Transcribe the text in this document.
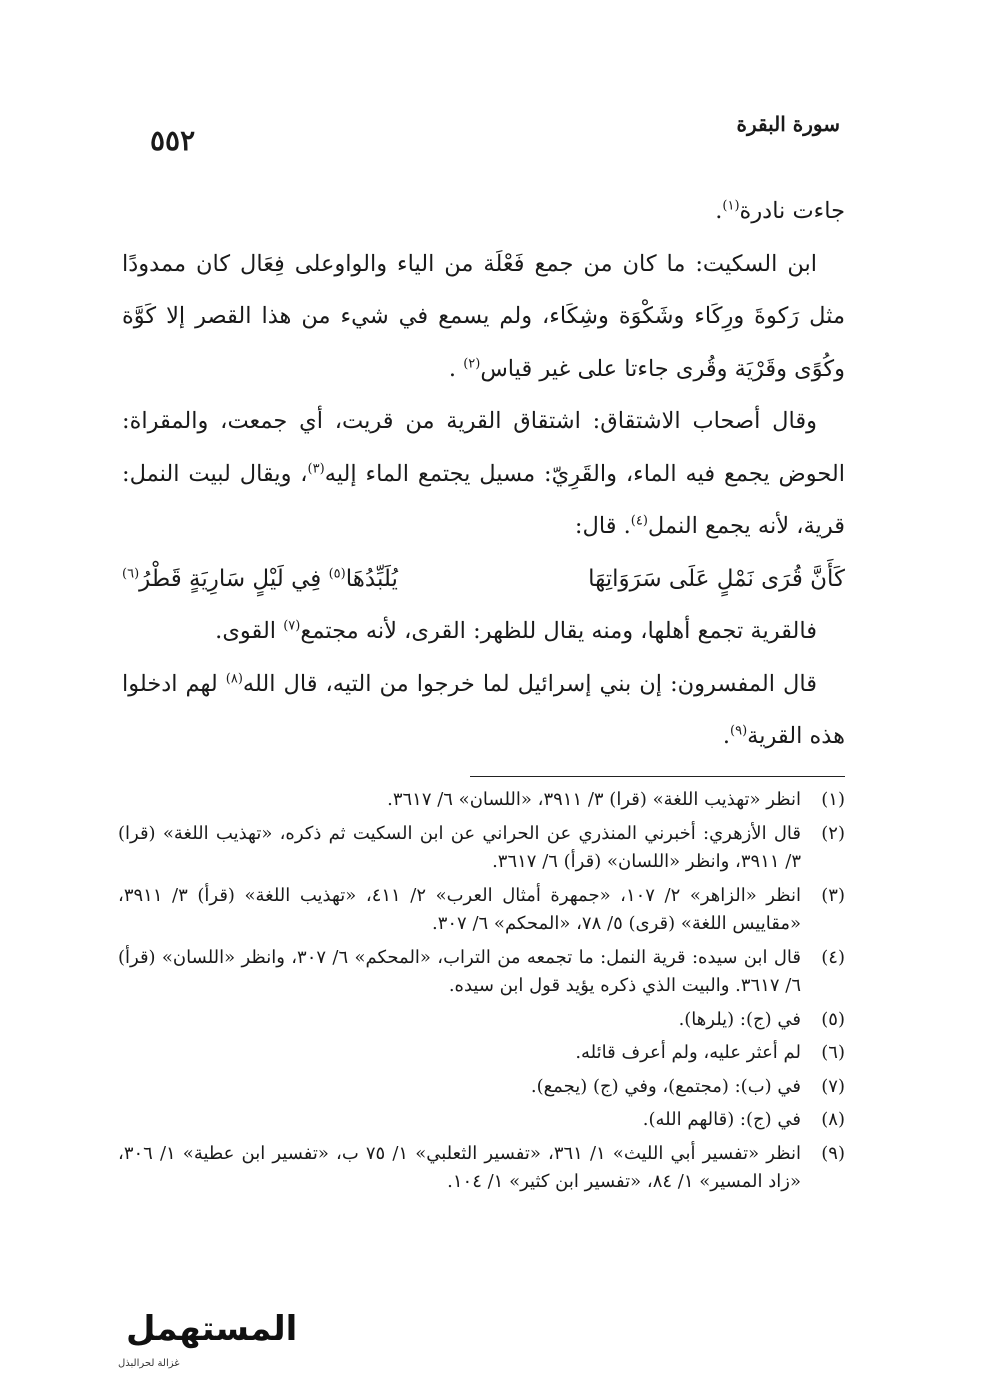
سورة البقرة
٥٥٢

جاءت نادرة$^{(١)}$.

ابن السكيت: ما كان من جمع فَعْلَة من الياء والواوعلى فِعَال كان ممدودًا مثل رَكوةَ ورِكَاء وشَكْوَة وشِكَاء، ولم يسمع في شيء من هذا القصر إلا كَوَّة وكُوًى وقَرْيَة وقُرى جاءتا على غير قياس$^{(٢)}$ .

وقال أصحاب الاشتقاق: اشتقاق القرية من قريت، أي جمعت، والمقراة: الحوض يجمع فيه الماء، والقَرِيّ: مسيل يجتمع الماء إليه$^{(٣)}$، ويقال لبيت النمل: قرية، لأنه يجمع النمل$^{(٤)}$. قال:

كَأَنَّ قُرَى نَمْلٍ عَلَى سَرَوَاتِهَا
يُلَبِّدُهَا$^{(٥)}$ فِي لَيْلٍ سَارِيَةٍ قَطْرُ$^{(٦)}$

فالقرية تجمع أهلها، ومنه يقال للظهر: القرى، لأنه مجتمع$^{(٧)}$ القوى.

قال المفسرون: إن بني إسرائيل لما خرجوا من التيه، قال الله$^{(٨)}$ لهم ادخلوا هذه القرية$^{(٩)}$.

(١)
انظر «تهذيب اللغة» (قرا) ٣/ ٣٩١١، «اللسان» ٦/ ٣٦١٧.
(٢)
قال الأزهري: أخبرني المنذري عن الحراني عن ابن السكيت ثم ذكره، «تهذيب اللغة» (قرا) ٣/ ٣٩١١، وانظر «اللسان» (قرأ) ٦/ ٣٦١٧.
(٣)
انظر «الزاهر» ٢/ ١٠٧، «جمهرة أمثال العرب» ٢/ ٤١١، «تهذيب اللغة» (قرأ) ٣/ ٣٩١١، «مقاييس اللغة» (قرى) ٥/ ٧٨، «المحكم» ٦/ ٣٠٧.
(٤)
قال ابن سيده: قرية النمل: ما تجمعه من التراب، «المحكم» ٦/ ٣٠٧، وانظر «اللسان» (قرأ) ٦/ ٣٦١٧. والبيت الذي ذكره يؤيد قول ابن سيده.
(٥)
في (ج): (يلرها).
(٦)
لم أعثر عليه، ولم أعرف قائله.
(٧)
في (ب): (مجتمع)، وفي (ج) (يجمع).
(٨)
في (ج): (قالهم الله).
(٩)
انظر «تفسير أبي الليث» ١/ ٣٦١، «تفسير الثعلبي» ١/ ٧٥ ب، «تفسير ابن عطية» ١/ ٣٠٦، «زاد المسير» ١/ ٨٤، «تفسير ابن كثير» ١/ ١٠٤.
المستهمل
غزالة لحرالبذل
